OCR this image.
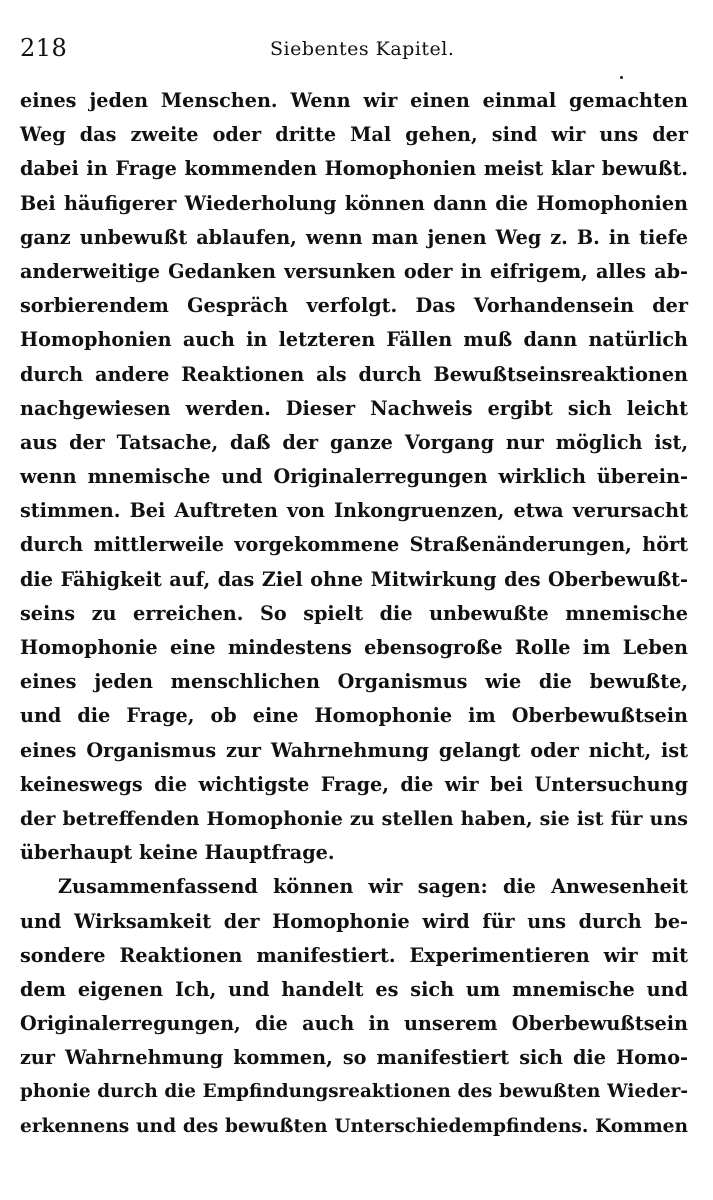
218	Siebentes Kapitel.
eines jeden Menschen. Wenn wir einen einmal gemachten
Weg das zweite oder dritte Mal gehen, sind wir uns der
dabei in Frage kommenden Homophonien meist klar bewußt.
Bei häufigerer Wiederholung können dann die Homophonien
ganz unbewußt ablaufen, wenn man jenen Weg z. B. in tiefe
anderweitige Gedanken versunken oder in eifrigem, alles ab-
sorbierendem Gespräch verfolgt. Das Vorhandensein der
Homophonien auch in letzteren Fällen muß dann natürlich
durch andere Reaktionen als durch Bewußtseinsreaktionen
nachgewiesen werden. Dieser Nachweis ergibt sich leicht
aus der Tatsache, daß der ganze Vorgang nur möglich ist,
wenn mnemische und Originalerregungen wirklich überein-
stimmen. Bei Auftreten von Inkongruenzen, etwa verursacht
durch mittlerweile vorgekommene Straßenänderungen, hört
die Fähigkeit auf, das Ziel ohne Mitwirkung des Oberbewußt-
seins zu erreichen. So spielt die unbewußte mnemische
Homophonie eine mindestens ebensogroße Rolle im Leben
eines jeden menschlichen Organismus wie die bewußte,
und die Frage, ob eine Homophonie im Oberbewußtsein
eines Organismus zur Wahrnehmung gelangt oder nicht, ist
keineswegs die wichtigste Frage, die wir bei Untersuchung
der betreffenden Homophonie zu stellen haben, sie ist für uns
überhaupt keine Hauptfrage.
Zusammenfassend können wir sagen: die Anwesenheit
und Wirksamkeit der Homophonie wird für uns durch be-
sondere Reaktionen manifestiert. Experimentieren wir mit
dem eigenen Ich, und handelt es sich um mnemische und
Originalerregungen, die auch in unserem Oberbewußtsein
zur Wahrnehmung kommen, so manifestiert sich die Homo-
phonie durch die Empfindungsreaktionen des bewußten Wieder-
erkennens und des bewußten Unterschiedempfindens. Kommen
